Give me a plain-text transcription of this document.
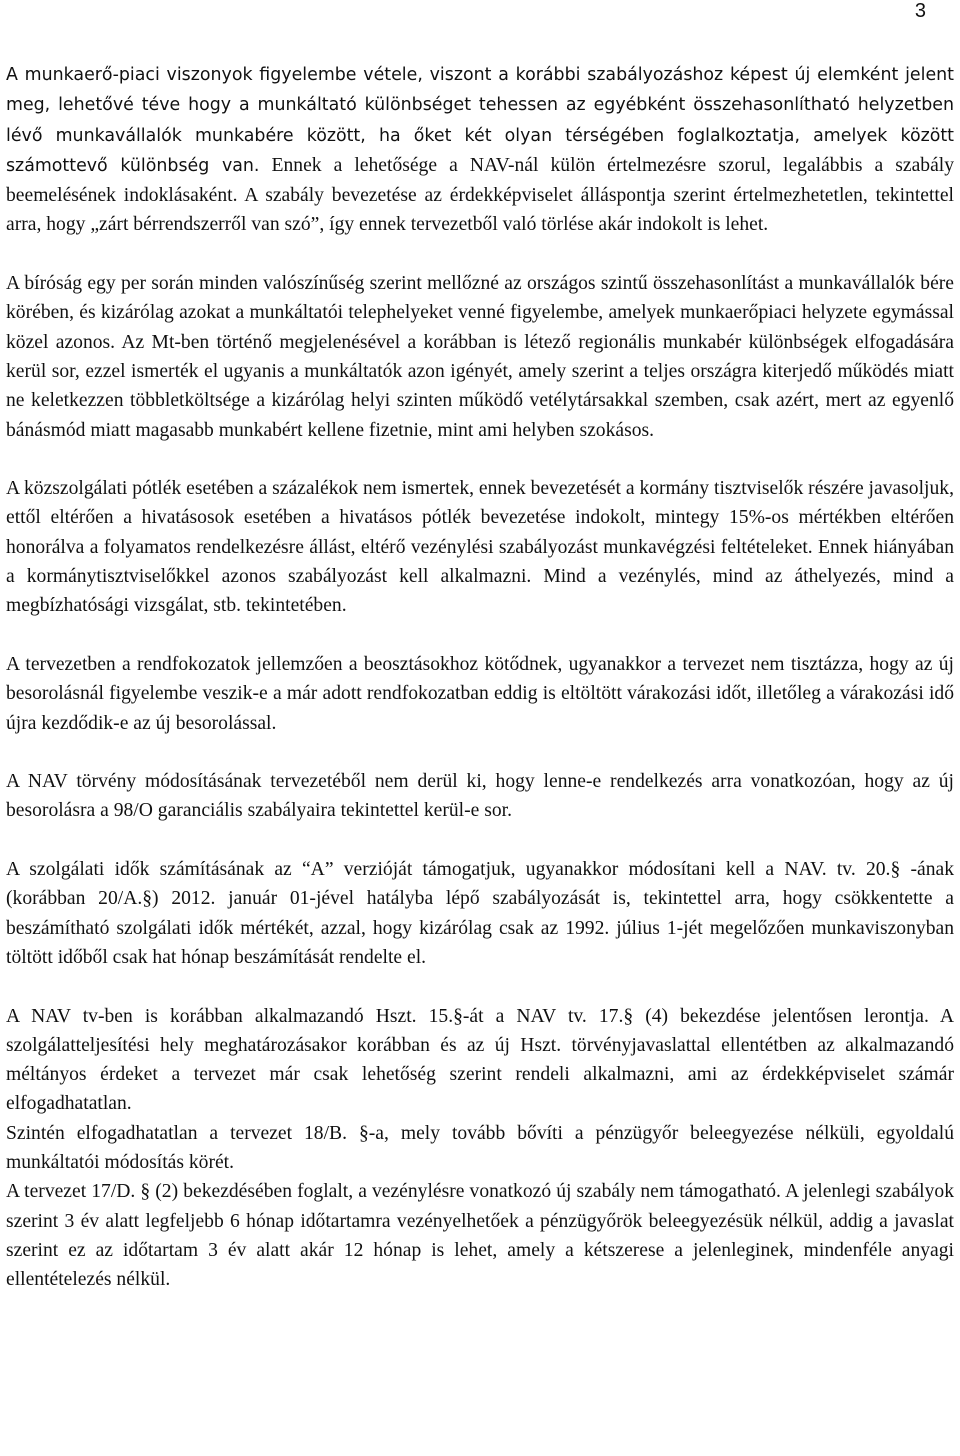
3

A munkaerő-piaci viszonyok figyelembe vétele, viszont a korábbi szabályozáshoz képest új elemként jelent meg, lehetővé téve hogy a munkáltató különbséget tehessen az egyébként összehasonlítható helyzetben lévő munkavállalók munkabére között, ha őket két olyan térségében foglalkoztatja, amelyek között számottevő különbség van. Ennek a lehetősége a NAV-nál külön értelmezésre szorul, legalábbis a szabály beemelésének indoklásaként. A szabály bevezetése az érdekképviselet álláspontja szerint értelmezhetetlen, tekintettel arra, hogy „zárt bérrendszerről van szó”, így ennek tervezetből való törlése akár indokolt is lehet.

A bíróság egy per során minden valószínűség szerint mellőzné az országos szintű összehasonlítást a munkavállalók bére körében, és kizárólag azokat a munkáltatói telephelyeket venné figyelembe, amelyek munkaerőpiaci helyzete egymással közel azonos. Az Mt-ben történő megjelenésével a korábban is létező regionális munkabér különbségek elfogadására kerül sor, ezzel ismerték el ugyanis a munkáltatók azon igényét, amely szerint a teljes országra kiterjedő működés miatt ne keletkezzen többletköltsége a kizárólag helyi szinten működő vetélytársakkal szemben, csak azért, mert az egyenlő bánásmód miatt magasabb munkabért kellene fizetnie, mint ami helyben szokásos.

A közszolgálati pótlék esetében a százalékok nem ismertek, ennek bevezetését a kormány tisztviselők részére javasoljuk, ettől eltérően a hivatásosok esetében a hivatásos pótlék bevezetése indokolt, mintegy 15%-os mértékben eltérően honorálva a folyamatos rendelkezésre állást, eltérő vezénylési szabályozást munkavégzési feltételeket. Ennek hiányában a kormánytisztviselőkkel azonos szabályozást kell alkalmazni. Mind a vezénylés, mind az áthelyezés, mind a megbízhatósági vizsgálat, stb. tekintetében.

A tervezetben a rendfokozatok jellemzően a beosztásokhoz kötődnek, ugyanakkor a tervezet nem tisztázza, hogy az új besorolásnál figyelembe veszik-e a már adott rendfokozatban eddig is eltöltött várakozási időt, illetőleg a várakozási idő újra kezdődik-e az új besorolással.

A NAV törvény módosításának tervezetéből nem derül ki, hogy lenne-e rendelkezés arra vonatkozóan, hogy az új besorolásra a 98/O garanciális szabályaira tekintettel kerül-e sor.

A szolgálati idők számításának az “A” verzióját támogatjuk, ugyanakkor módosítani kell a NAV. tv. 20.§ -ának (korábban 20/A.§) 2012. január 01-jével hatályba lépő szabályozását is, tekintettel arra, hogy csökkentette a beszámítható szolgálati idők mértékét, azzal, hogy kizárólag csak az 1992. július 1-jét megelőzően munkaviszonyban töltött időből csak hat hónap beszámítását rendelte el.

A NAV tv-ben is korábban alkalmazandó Hszt. 15.§-át a NAV tv. 17.§ (4) bekezdése jelentősen lerontja. A szolgálatteljesítési hely meghatározásakor korábban és az új Hszt. törvényjavaslattal ellentétben az alkalmazandó méltányos érdeket a tervezet már csak lehetőség szerint rendeli alkalmazni, ami az érdekképviselet számár elfogadhatatlan.

Szintén elfogadhatatlan a tervezet 18/B. §-a, mely tovább bővíti a pénzügyőr beleegyezése nélküli, egyoldalú munkáltatói módosítás körét.

A tervezet 17/D. § (2) bekezdésében foglalt, a vezénylésre vonatkozó új szabály nem támogatható. A jelenlegi szabályok szerint 3 év alatt legfeljebb 6 hónap időtartamra vezényelhetőek a pénzügyőrök beleegyezésük nélkül, addig a javaslat szerint ez az időtartam 3 év alatt akár 12 hónap is lehet, amely a kétszerese a jelenleginek, mindenféle anyagi ellentételezés nélkül.
